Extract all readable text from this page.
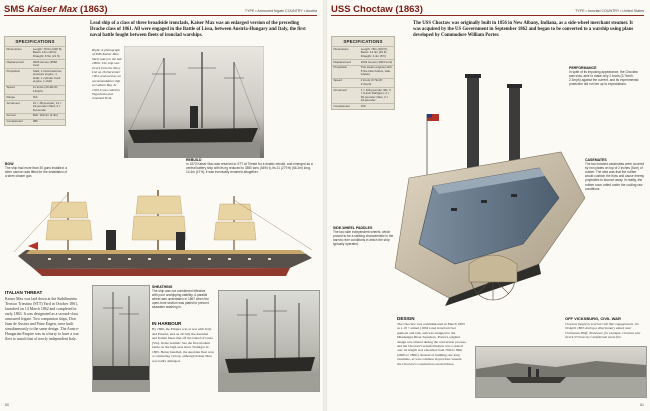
SMS Kaiser Max (1863)	TYPE • Armoured frigate COUNTRY • Austria
Lead ship of a class of three broadside ironclads, Kaiser Max was an enlarged version of the preceding Drache class of 1861. All were engaged in the Battle of Lissa, between Austria-Hungary and Italy, the first naval battle fought between fleets of ironclad warships.
SPECIFICATIONS
Dimensions	Length: 70.6m (230 ft); Beam: 14m (46 ft); Draught: 6.5m (21 ft)
Displacement	3625 tonnes (3568 tons)
Propulsion	Sails; 1 horizontal low-pressure engine, 1 shaft; 1 cylinder trunk engine, 1 shaft
Speed	11 knots (20.4km/h; 13mph)
Range	N/A
Armament	16 × 48-pounder; 14 × 24-pounder rifled; 4 × 8-pounder
Armour	Belt: 110mm (4.3in)
Complement	386
Right: A photograph of SMS Kaiser Max, likely taken in the late 1860s. The ship was struck from the Navy List on 26 December 1904, and used as an accommodation ship at Cattaro Bay. In 1920 it was ceded to Yugoslavia and renamed Tivat.
BOW
The ship had more than 30 guns installed; a stern cannon was fitted for the installation of a stern chaser gun.
REBUILD
In 1873 Kaiser Max was returned to STT at Trieste for a drastic rebuild, and emerged as a central battery ship with its rig reduced to 3550 tons (3494 t), its 21 (279 ft) (66.2m) long, 14.4m (47 ft); it was eventually renamed altogether.
ITALIAN THREAT
Kaiser Max was laid down at the Stabilimento Tecnico Triestino (STT) Yard in October 1861, launched on 14 March 1862 and completed in early 1863. It was designated as a second-class armoured frigate. Two companion ships, Don Juan de Austria and Prinz Eugen, were built simultaneously to the same design. The Austro-Hungarian Empire was in a hurry to have a war fleet to match that of newly independent Italy.
SHEATHING
The ship was not considered effective, with poor unshipping stability. A parallel wheel was undertaken in 1867 when the open-bore section was plated to prevent seawater washing in.
IN HARBOUR
By 1866, the Empire was at war with Italy and Prussia, and on 20 July the Austrian and Italian fleets met off the island of Lissa (Vis). In the Adriatic Sea the first modern battle on the high seas since Trafalgar in 1805. Better handled, the Austrian fleet won a convincing victory, although Kaiser Max was badly damaged.
80
USS Choctaw (1863)	TYPE • Ironclad COUNTRY • United States
The USS Choctaw was originally built in 1856 in New Albany, Indiana, as a side-wheel merchant steamer. It was acquired by the US Government in September 1862 and began to be converted to a warship using plans developed by Commodore William Porter.
SPECIFICATIONS
Dimensions	Length: 79m (260 ft); Beam: 14.4m (45 ft); Draught: 2.4m (8 ft)
Displacement	1023 tonnes (1004 tons)
Propulsion	Two steam engines with 5 fire-tube boilers, side-wheels
Speed	2 knots (3.7km/h; 2.3mph)
Armament	1 × 100-pounder rifle; 3 × 9-inch Dahlgren; 2 × 30-pounder rifles; 2 × 24-pounder
Complement	106
PERFORMANCE
In spite of its imposing appearance, the Choctaw was slow, able to make only 2 knots (3.7km/h, 2.3mph) against the current, and its experimental protection did not live up to expectations.
CASEMATES
The two forward casemates were covered by iron plates on top of 2 inches (5cm) of rubber. The idea was that the rubber would cushion the blow and cause enemy projectiles to bounce away. In reality, the rubber soon rotted under the cooling raw conditions.
SIDE-WHEEL PADDLES
The two side independent wheels, which proved to be a sticking characteristic in the narrow river conditions in which the ship typically operated.
DESIGN
The Choctaw was commissioned in March 1863 as a 10 × armed (1004 tons) ironclad river gunboat and ram, and was assigned to the Mississippi River Squadron. Porter's original design was altered during the conversion process, and the Choctaw's transformation was a radical one: its length was extended from 79m to 86m (260ft to 280ft). Instead of building one long casemate, as was common in previous vessels, the Choctaw's constructors erected three.
OFF VICKSBURG, CIVIL WAR
Choctaw fought in several Civil War engagements. On 30 April 1863, during a diversionary attack near Chickasaw Bluff, Tennessee, for example, Choctaw was struck 53 times by Confederate shore fire.
81
